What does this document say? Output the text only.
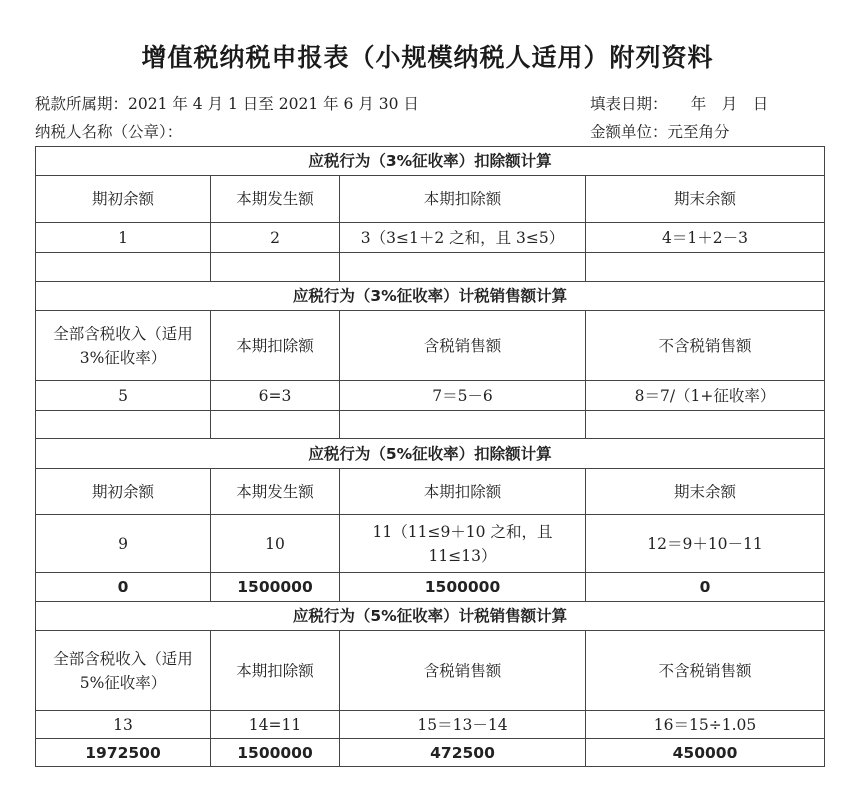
增值税纳税申报表（小规模纳税人适用）附列资料
税款所属期：2021 年 4 月 1 日至 2021 年 6 月 30 日	填表日期：　　年　月　日
纳税人名称（公章）：	金额单位：元至角分
应税行为（3%征收率）扣除额计算			
期初余额	本期发生额	本期扣除额	期末余额
1	2	3（3≤1＋2 之和，且 3≤5）	4＝1＋2－3

应税行为（3%征收率）计税销售额计算			
全部含税收入（适用 3%征收率）	本期扣除额	含税销售额	不含税销售额
5	6=3	7＝5－6	8＝7/（1+征收率）

应税行为（5%征收率）扣除额计算			
期初余额	本期发生额	本期扣除额	期末余额
9	10	11（11≤9＋10 之和，且 11≤13）	12＝9＋10－11
0	1500000	1500000	0
应税行为（5%征收率）计税销售额计算			
全部含税收入（适用 5%征收率）	本期扣除额	含税销售额	不含税销售额
13	14=11	15＝13－14	16＝15÷1.05
1972500	1500000	472500	450000
